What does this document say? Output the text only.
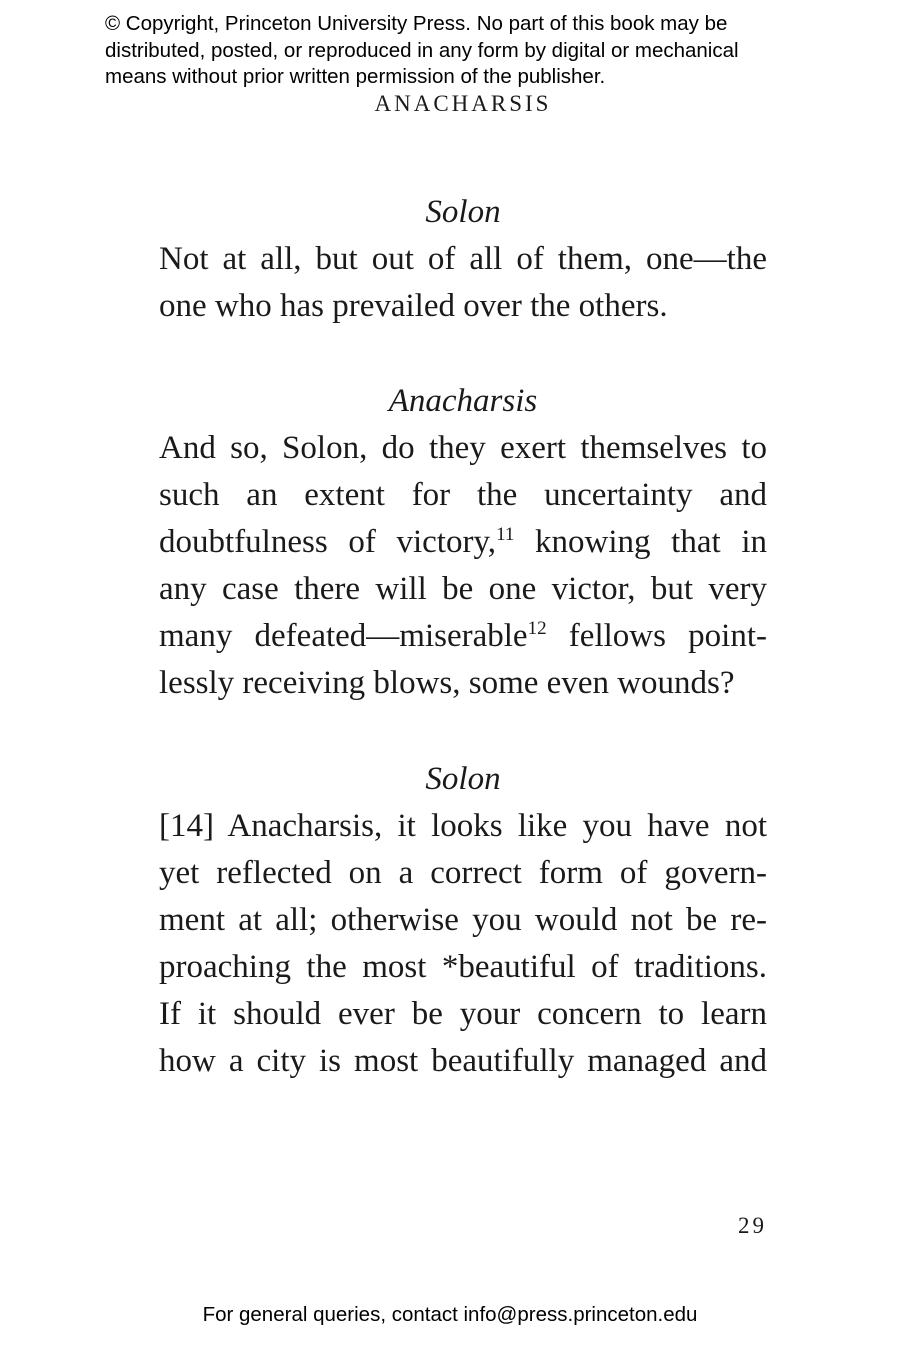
© Copyright, Princeton University Press. No part of this book may be
distributed, posted, or reproduced in any form by digital or mechanical
means without prior written permission of the publisher.
ANACHARSIS
Solon
Not at all, but out of all of them, one—the
one who has prevailed over the others.
Anacharsis
And so, Solon, do they exert themselves to
such an extent for the uncertainty and
doubtfulness of victory,$^{11}$ knowing that in
any case there will be one victor, but very
many defeated—miserable$^{12}$ fellows point-
lessly receiving blows, some even wounds?
Solon
[14] Anacharsis, it looks like you have not
yet reflected on a correct form of govern-
ment at all; otherwise you would not be re-
proaching the most *beautiful of traditions.
If it should ever be your concern to learn
how a city is most beautifully managed and
29
For general queries, contact info@press.princeton.edu
